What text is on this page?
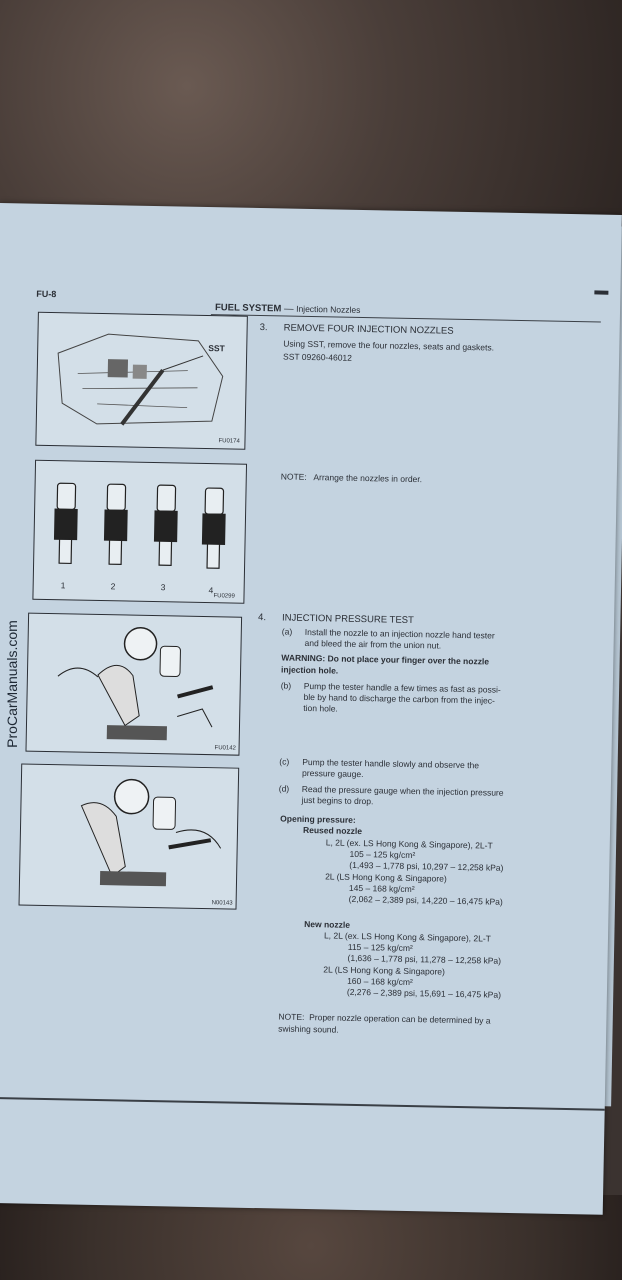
FU-8
FUEL SYSTEM — Injection Nozzles
SST
FU0174
1	2	3	4
FU0299
FU0142
N00143
3. REMOVE FOUR INJECTION NOZZLES
Using SST, remove the four nozzles, seats and gaskets.
SST 09260-46012
NOTE: Arrange the nozzles in order.
4. INJECTION PRESSURE TEST
(a) Install the nozzle to an injection nozzle hand tester
and bleed the air from the union nut.
WARNING: Do not place your finger over the nozzle
injection hole.
(b) Pump the tester handle a few times as fast as possi-
ble by hand to discharge the carbon from the injec-
tion hole.
(c) Pump the tester handle slowly and observe the
pressure gauge.
(d) Read the pressure gauge when the injection pressure
just begins to drop.
Opening pressure:
Reused nozzle
L, 2L (ex. LS Hong Kong & Singapore), 2L-T
105 – 125 kg/cm²
(1,493 – 1,778 psi, 10,297 – 12,258 kPa)
2L (LS Hong Kong & Singapore)
145 – 168 kg/cm²
(2,062 – 2,389 psi, 14,220 – 16,475 kPa)
New nozzle
L, 2L (ex. LS Hong Kong & Singapore), 2L-T
115 – 125 kg/cm²
(1,636 – 1,778 psi, 11,278 – 12,258 kPa)
2L (LS Hong Kong & Singapore)
160 – 168 kg/cm²
(2,276 – 2,389 psi, 15,691 – 16,475 kPa)
NOTE: Proper nozzle operation can be determined by a
swishing sound.
ProCarManuals.com
